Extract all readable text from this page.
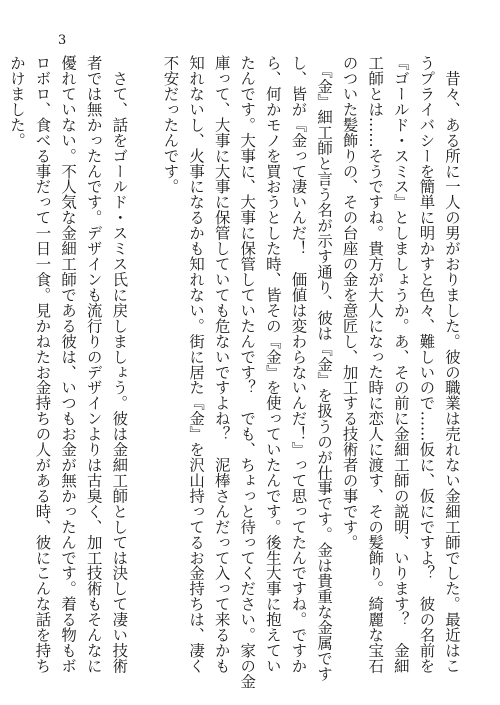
3

　昔々、ある所に一人の男がおりました。彼の職業は売れない金細工師でした。最近はこ

うプライバシーを簡単に明かすと色々、難しいので……仮に、仮にですよ？　彼の名前を

『ゴールド・スミス』としましょうか。あ、その前に金細工師の説明、いります？　金細

工師とは……そうですね。貴方が大人になった時に恋人に渡す、その髪飾り。綺麗な宝石

のついた髪飾りの、その台座の金を意匠し、加工する技術者の事です。

　『金』細工師と言う名が示す通り、彼は『金』を扱うのが仕事です。金は貴重な金属です

し、皆が『金って凄いんだ！　価値は変わらないんだ！』って思ってたんですね。ですか

ら、何かモノを買おうとした時、皆その『金』を使っていたんです。後生大事に抱えてい

たんです。大事に、大事に保管していたんです？　でも、ちょっと待ってください。家の金

庫って、大事に大事に保管していても危ないですよね？　泥棒さんだって入って来るかも

知れないし、火事になるかも知れない。街に居た『金』を沢山持ってるお金持ちは、凄く

不安だったんです。

　さて、話をゴールド・スミス氏に戻しましょう。彼は金細工師としては決して凄い技術

者では無かったんです。デザインも流行りのデザインよりは古臭く、加工技術もそんなに

優れていない。不人気な金細工師である彼は、いつもお金が無かったんです。着る物もボ

ロボロ、食べる事だって一日一食。見かねたお金持ちの人がある時、彼にこんな話を持ち

かけました。
